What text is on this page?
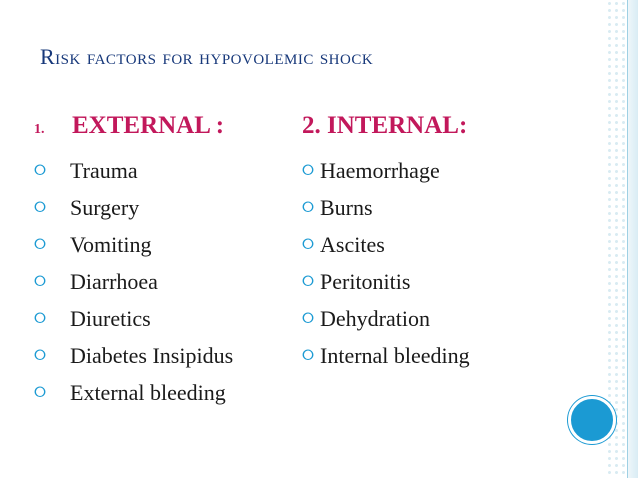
Risk factors for hypovolemic shock
1.	EXTERNAL :
⭘	Trauma
⭘	Surgery
⭘	Vomiting
⭘	Diarrhoea
⭘	Diuretics
⭘	Diabetes Insipidus
⭘	External bleeding
2. INTERNAL:
⭘ Haemorrhage
⭘ Burns
⭘ Ascites
⭘ Peritonitis
⭘ Dehydration
⭘ Internal bleeding
